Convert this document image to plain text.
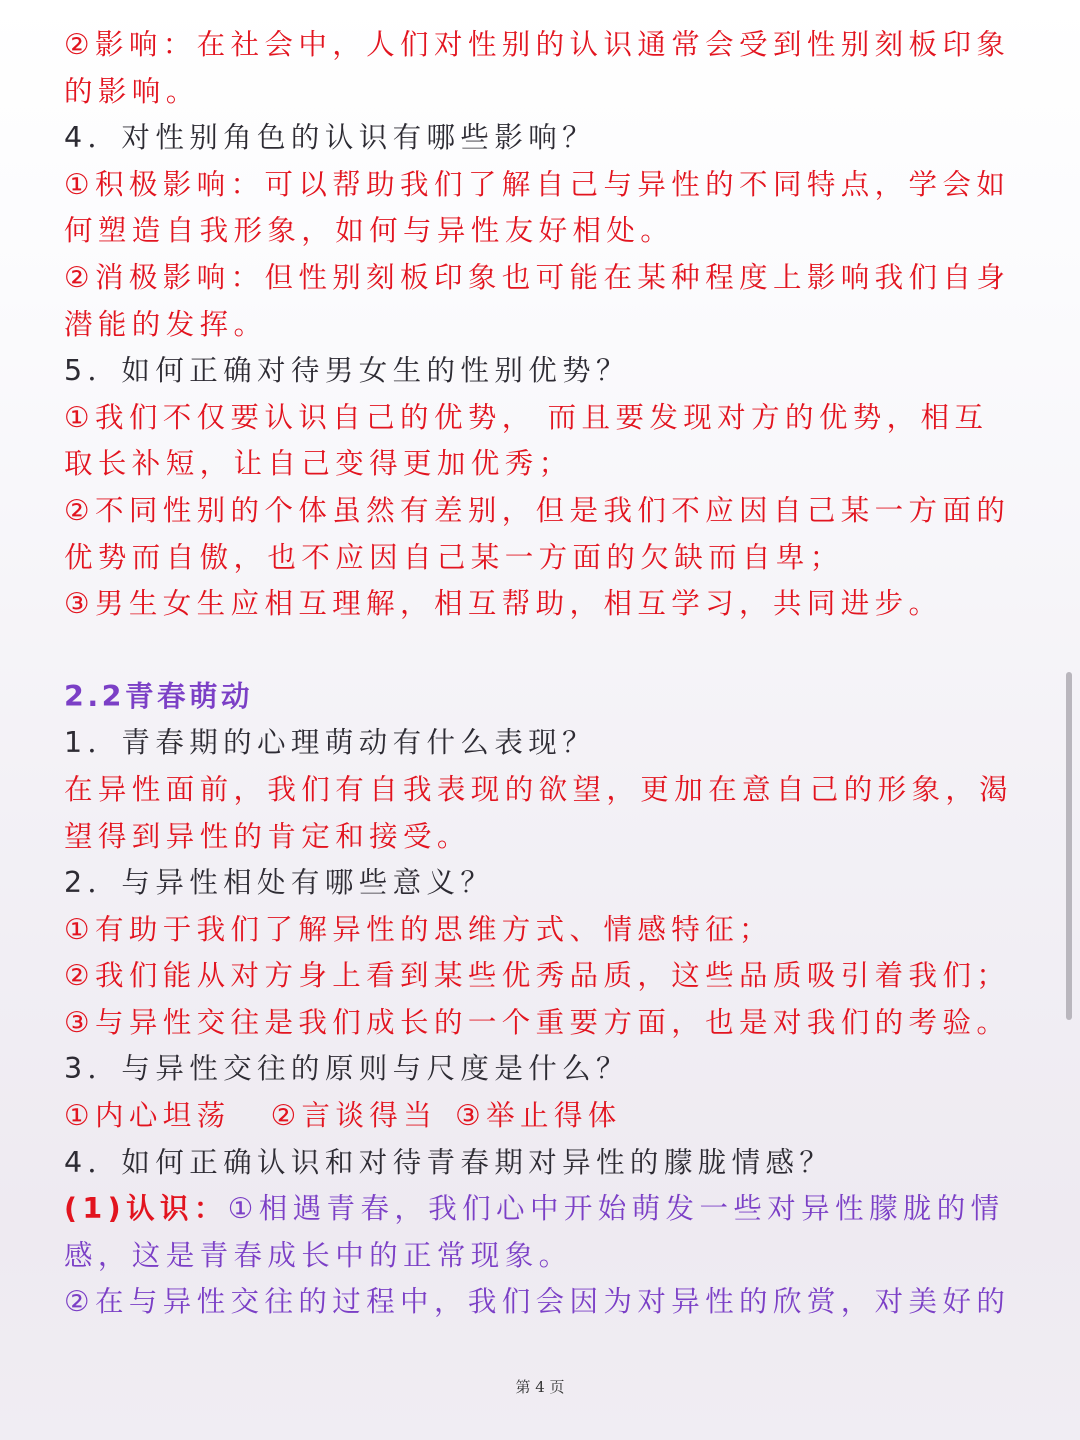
②影响：在社会中，人们对性别的认识通常会受到性别刻板印象

的影响。

4．对性别角色的认识有哪些影响？

①积极影响：可以帮助我们了解自己与异性的不同特点，学会如

何塑造自我形象，如何与异性友好相处。

②消极影响：但性别刻板印象也可能在某种程度上影响我们自身

潜能的发挥。

5．如何正确对待男女生的性别优势？

①我们不仅要认识自己的优势， 而且要发现对方的优势，相互

取长补短，让自己变得更加优秀；

②不同性别的个体虽然有差别，但是我们不应因自己某一方面的

优势而自傲，也不应因自己某一方面的欠缺而自卑；

③男生女生应相互理解，相互帮助，相互学习，共同进步。

2.2青春萌动

1．青春期的心理萌动有什么表现？

在异性面前，我们有自我表现的欲望，更加在意自己的形象，渴

望得到异性的肯定和接受。

2．与异性相处有哪些意义？

①有助于我们了解异性的思维方式、情感特征；

②我们能从对方身上看到某些优秀品质，这些品质吸引着我们；

③与异性交往是我们成长的一个重要方面，也是对我们的考验。

3．与异性交往的原则与尺度是什么？

①内心坦荡 ②言谈得当 ③举止得体

4．如何正确认识和对待青春期对异性的朦胧情感？

(1)认识：①相遇青春，我们心中开始萌发一些对异性朦胧的情

感，这是青春成长中的正常现象。

②在与异性交往的过程中，我们会因为对异性的欣赏，对美好的

第 4 页
